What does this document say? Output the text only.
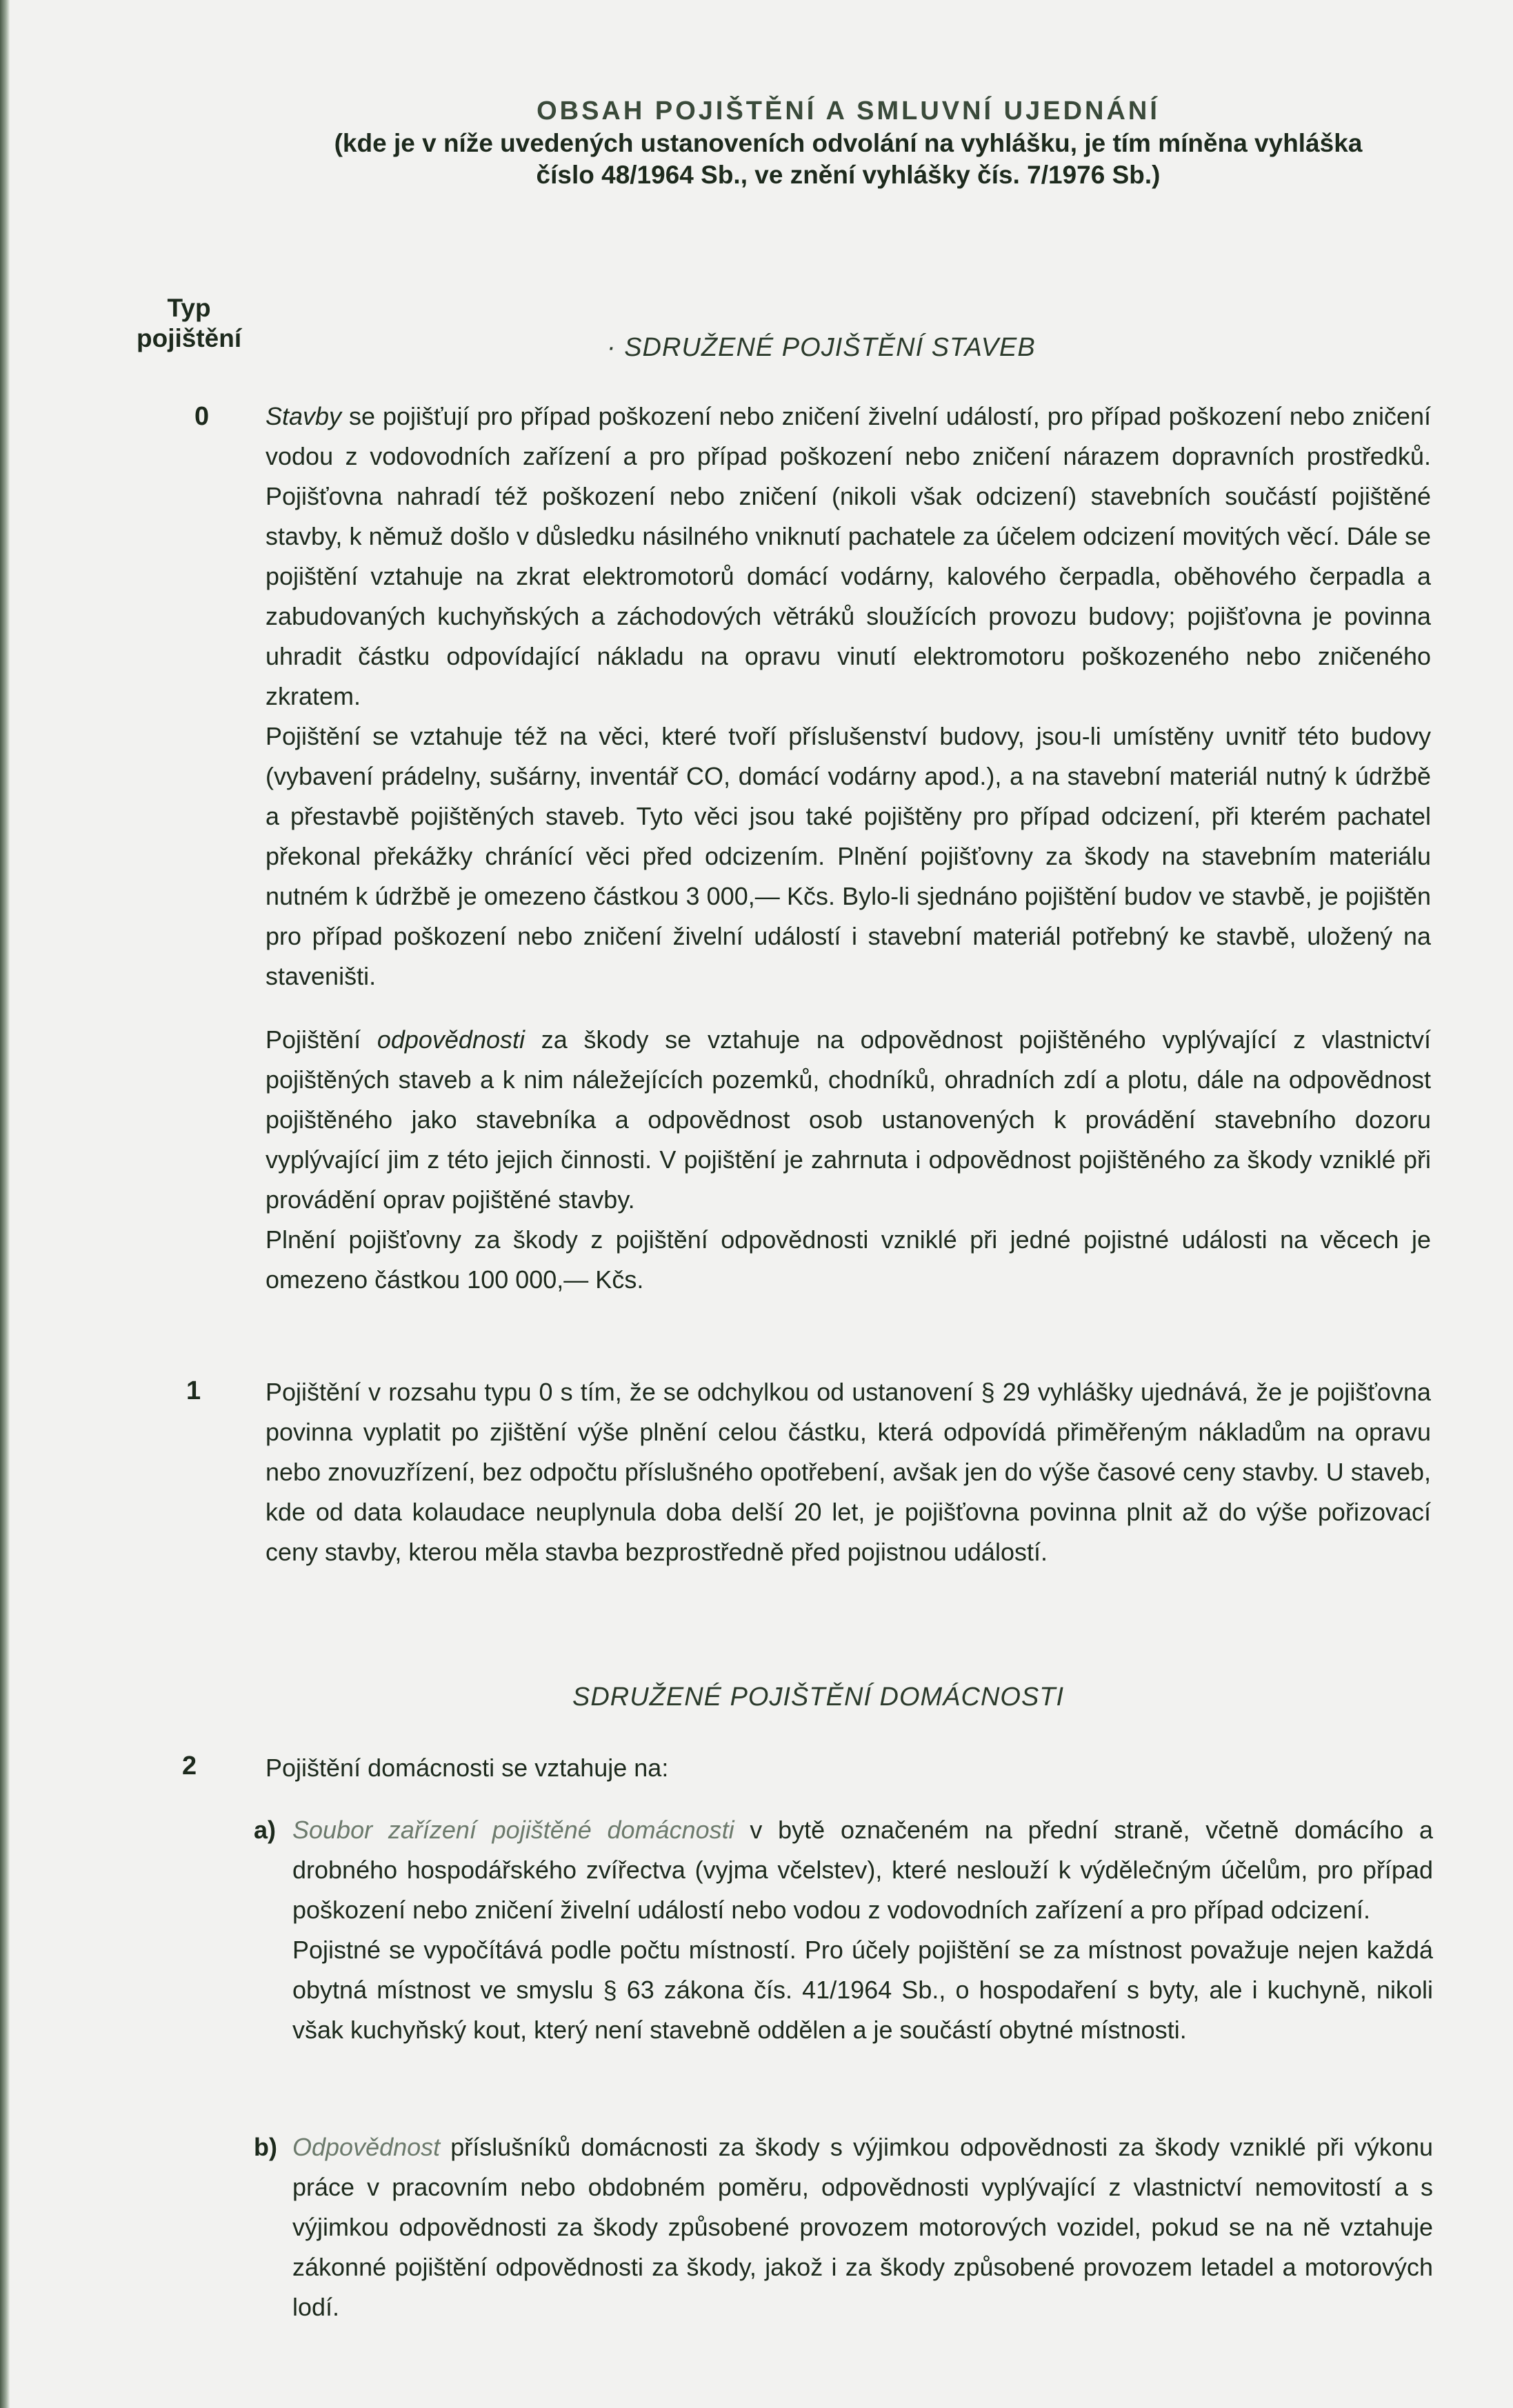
OBSAH POJIŠTĚNÍ A SMLUVNÍ UJEDNÁNÍ
(kde je v níže uvedených ustanoveních odvolání na vyhlášku, je tím míněna vyhláška
číslo 48/1964 Sb., ve znění vyhlášky čís. 7/1976 Sb.)
Typ
pojištění	· SDRUŽENÉ POJIŠTĚNÍ STAVEB
0 Stavby se pojišťují pro případ poškození nebo zničení živelní událostí, pro případ poškození nebo zničení vodou z vodovodních zařízení a pro případ poškození nebo zničení nárazem dopravních prostředků. Pojišťovna nahradí též poškození nebo zničení (nikoli však odcizení) stavebních součástí pojištěné stavby, k němuž došlo v důsledku násilného vniknutí pachatele za účelem odcizení movitých věcí. Dále se pojištění vztahuje na zkrat elektromotorů domácí vodárny, kalového čerpadla, oběhového čerpadla a zabudovaných kuchyňských a záchodových větráků sloužících provozu budovy; pojišťovna je povinna uhradit částku odpovídající nákladu na opravu vinutí elektromotoru poškozeného nebo zničeného zkratem.

Pojištění se vztahuje též na věci, které tvoří příslušenství budovy, jsou-li umístěny uvnitř této budovy (vybavení prádelny, sušárny, inventář CO, domácí vodárny apod.), a na stavební materiál nutný k údržbě a přestavbě pojištěných staveb. Tyto věci jsou také pojištěny pro případ odcizení, při kterém pachatel překonal překážky chránící věci před odcizením. Plnění pojišťovny za škody na stavebním materiálu nutném k údržbě je omezeno částkou 3 000,— Kčs. Bylo-li sjednáno pojištění budov ve stavbě, je pojištěn pro případ poškození nebo zničení živelní událostí i stavební materiál potřebný ke stavbě, uložený na staveništi.

Pojištění odpovědnosti za škody se vztahuje na odpovědnost pojištěného vyplývající z vlastnictví pojištěných staveb a k nim náležejících pozemků, chodníků, ohradních zdí a plotu, dále na odpovědnost pojištěného jako stavebníka a odpovědnost osob ustanovených k provádění stavebního dozoru vyplývající jim z této jejich činnosti. V pojištění je zahrnuta i odpovědnost pojištěného za škody vzniklé při provádění oprav pojištěné stavby.

Plnění pojišťovny za škody z pojištění odpovědnosti vzniklé při jedné pojistné události na věcech je omezeno částkou 100 000,— Kčs.

1	Pojištění v rozsahu typu 0 s tím, že se odchylkou od ustanovení § 29 vyhlášky ujednává, že je pojišťovna povinna vyplatit po zjištění výše plnění celou částku, která odpovídá přiměřeným nákladům na opravu nebo znovuzřízení, bez odpočtu příslušného opotřebení, avšak jen do výše časové ceny stavby. U staveb, kde od data kolaudace neuplynula doba delší 20 let, je pojišťovna povinna plnit až do výše pořizovací ceny stavby, kterou měla stavba bezprostředně před pojistnou událostí.

SDRUŽENÉ POJIŠTĚNÍ DOMÁCNOSTI
2	Pojištění domácnosti se vztahuje na:

a) Soubor zařízení pojištěné domácnosti v bytě označeném na přední straně, včetně domácího a drobného hospodářského zvířectva (vyjma včelstev), které neslouží k výdělečným účelům, pro případ poškození nebo zničení živelní událostí nebo vodou z vodovodních zařízení a pro případ odcizení.

Pojistné se vypočítává podle počtu místností. Pro účely pojištění se za místnost považuje nejen každá obytná místnost ve smyslu § 63 zákona čís. 41/1964 Sb., o hospodaření s byty, ale i kuchyně, nikoli však kuchyňský kout, který není stavebně oddělen a je součástí obytné místnosti.

b) Odpovědnost příslušníků domácnosti za škody s výjimkou odpovědnosti za škody vzniklé při výkonu práce v pracovním nebo obdobném poměru, odpovědnosti vyplývající z vlastnictví nemovitostí a s výjimkou odpovědnosti za škody způsobené provozem motorových vozidel, pokud se na ně vztahuje zákonné pojištění odpovědnosti za škody, jakož i za škody způsobené provozem letadel a motorových lodí.
